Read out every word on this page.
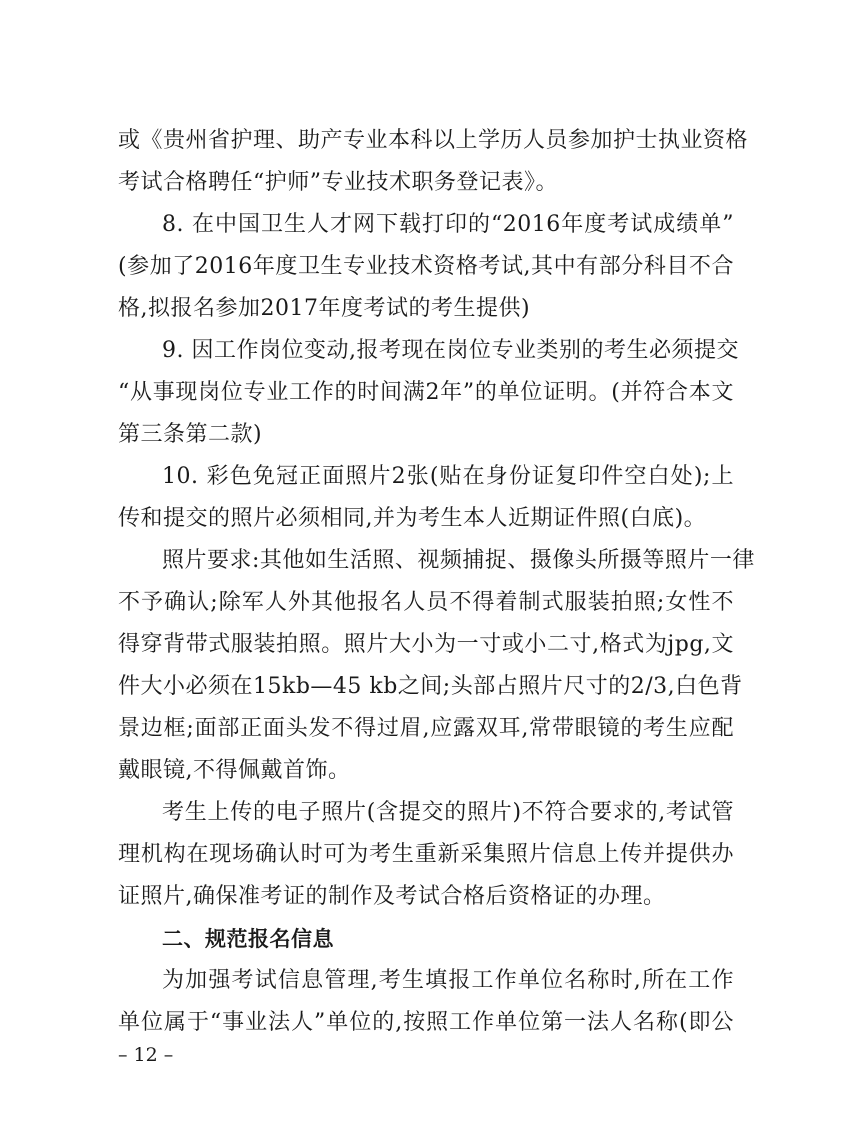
或《贵州省护理、助产专业本科以上学历人员参加护士执业资格
考试合格聘任“护师”专业技术职务登记表》。
8. 在中国卫生人才网下载打印的“2016年度考试成绩单”
(参加了2016年度卫生专业技术资格考试,其中有部分科目不合
格,拟报名参加2017年度考试的考生提供)
9. 因工作岗位变动,报考现在岗位专业类别的考生必须提交
“从事现岗位专业工作的时间满2年”的单位证明。(并符合本文
第三条第二款)
10. 彩色免冠正面照片2张(贴在身份证复印件空白处);上
传和提交的照片必须相同,并为考生本人近期证件照(白底)。
照片要求:其他如生活照、视频捕捉、摄像头所摄等照片一律
不予确认;除军人外其他报名人员不得着制式服装拍照;女性不
得穿背带式服装拍照。照片大小为一寸或小二寸,格式为jpg,文
件大小必须在15kb—45 kb之间;头部占照片尺寸的2/3,白色背
景边框;面部正面头发不得过眉,应露双耳,常带眼镜的考生应配
戴眼镜,不得佩戴首饰。
考生上传的电子照片(含提交的照片)不符合要求的,考试管
理机构在现场确认时可为考生重新采集照片信息上传并提供办
证照片,确保准考证的制作及考试合格后资格证的办理。
二、规范报名信息
为加强考试信息管理,考生填报工作单位名称时,所在工作
单位属于“事业法人”单位的,按照工作单位第一法人名称(即公
– 12 –
